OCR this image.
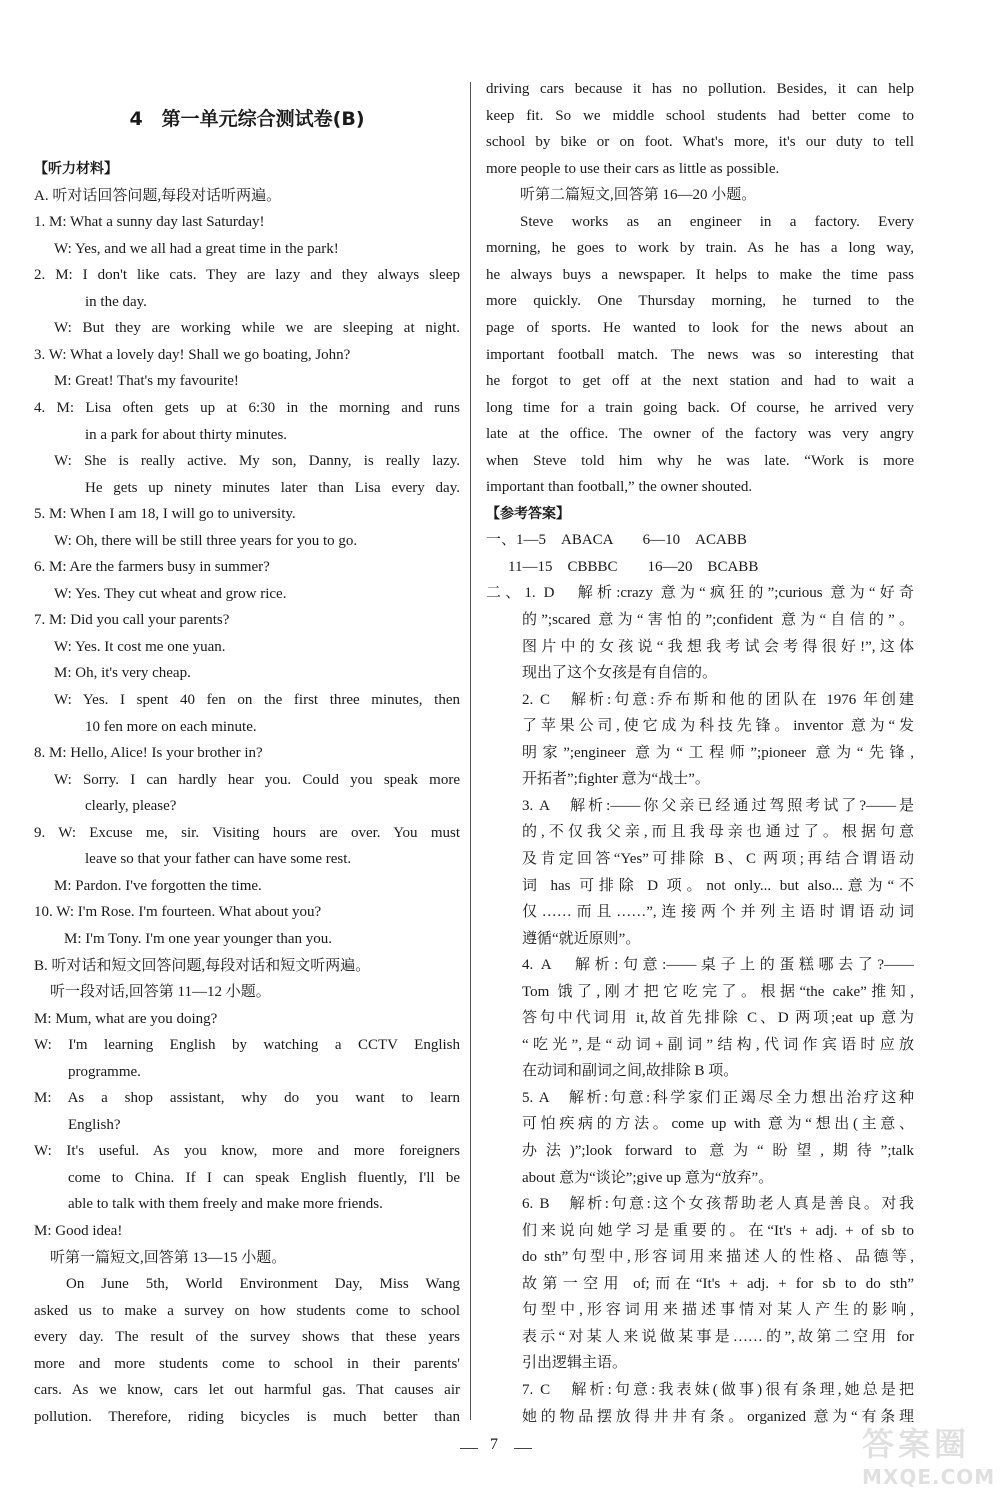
4　第一单元综合测试卷(B)
【听力材料】
A. 听对话回答问题,每段对话听两遍。
1. M: What a sunny day last Saturday!
W: Yes, and we all had a great time in the park!
2. M: I don't like cats. They are lazy and they always sleep
in the day.
W: But they are working while we are sleeping at night.
3. W: What a lovely day! Shall we go boating, John?
M: Great! That's my favourite!
4. M: Lisa often gets up at 6:30 in the morning and runs
in a park for about thirty minutes.
W: She is really active. My son, Danny, is really lazy.
He gets up ninety minutes later than Lisa every day.
5. M: When I am 18, I will go to university.
W: Oh, there will be still three years for you to go.
6. M: Are the farmers busy in summer?
W: Yes. They cut wheat and grow rice.
7. M: Did you call your parents?
W: Yes. It cost me one yuan.
M: Oh, it's very cheap.
W: Yes. I spent 40 fen on the first three minutes, then
10 fen more on each minute.
8. M: Hello, Alice! Is your brother in?
W: Sorry. I can hardly hear you. Could you speak more
clearly, please?
9. W: Excuse me, sir. Visiting hours are over. You must
leave so that your father can have some rest.
M: Pardon. I've forgotten the time.
10. W: I'm Rose. I'm fourteen. What about you?
M: I'm Tony. I'm one year younger than you.
B. 听对话和短文回答问题,每段对话和短文听两遍。
听一段对话,回答第 11—12 小题。
M: Mum, what are you doing?
W: I'm learning English by watching a CCTV English
programme.
M: As a shop assistant, why do you want to learn
English?
W: It's useful. As you know, more and more foreigners
come to China. If I can speak English fluently, I'll be
able to talk with them freely and make more friends.
M: Good idea!
听第一篇短文,回答第 13—15 小题。
On June 5th, World Environment Day, Miss Wang
asked us to make a survey on how students come to school
every day. The result of the survey shows that these years
more and more students come to school in their parents'
cars. As we know, cars let out harmful gas. That causes air
pollution. Therefore, riding bicycles is much better than
driving cars because it has no pollution. Besides, it can help
keep fit. So we middle school students had better come to
school by bike or on foot. What's more, it's our duty to tell
more people to use their cars as little as possible.
听第二篇短文,回答第 16—20 小题。
Steve works as an engineer in a factory. Every
morning, he goes to work by train. As he has a long way,
he always buys a newspaper. It helps to make the time pass
more quickly. One Thursday morning, he turned to the
page of sports. He wanted to look for the news about an
important football match. The news was so interesting that
he forgot to get off at the next station and had to wait a
long time for a train going back. Of course, he arrived very
late at the office. The owner of the factory was very angry
when Steve told him why he was late. “Work is more
important than football,” the owner shouted.
【参考答案】
一、1—5　ABACA　　6—10　ACABB
11—15　CBBBC　　16—20　BCABB
二、1. D　解析:crazy 意为“疯狂的”;curious 意为“好奇
的”;scared 意为“害怕的”;confident 意为“自信的”。
图片中的女孩说“我想我考试会考得很好!”,这体
现出了这个女孩是有自信的。
2. C　解析:句意:乔布斯和他的团队在 1976 年创建
了苹果公司,使它成为科技先锋。inventor 意为“发
明家”;engineer 意为“工程师”;pioneer 意为“先锋,
开拓者”;fighter 意为“战士”。
3. A　解析:——你父亲已经通过驾照考试了?——是
的,不仅我父亲,而且我母亲也通过了。根据句意
及肯定回答“Yes”可排除 B、C 两项;再结合谓语动
词 has 可排除 D 项。not only... but also...意为“不
仅……而且……”,连接两个并列主语时谓语动词
遵循“就近原则”。
4. A　解析:句意:——桌子上的蛋糕哪去了?——
Tom 饿了,刚才把它吃完了。根据“the cake”推知,
答句中代词用 it,故首先排除 C、D 两项;eat up 意为
“吃光”,是“动词+副词”结构,代词作宾语时应放
在动词和副词之间,故排除 B 项。
5. A　解析:句意:科学家们正竭尽全力想出治疗这种
可怕疾病的方法。come up with 意为“想出(主意、
办法)”;look forward to 意为“盼望,期待”;talk
about 意为“谈论”;give up 意为“放弃”。
6. B　解析:句意:这个女孩帮助老人真是善良。对我
们来说向她学习是重要的。在“It's + adj. + of sb to
do sth”句型中,形容词用来描述人的性格、品德等,
故第一空用 of;而在“It's + adj. + for sb to do sth”
句型中,形容词用来描述事情对某人产生的影响,
表示“对某人来说做某事是……的”,故第二空用 for
引出逻辑主语。
7. C　解析:句意:我表妹(做事)很有条理,她总是把
她的物品摆放得井井有条。organized 意为“有条理
7	答案圈
MXQE.COM
